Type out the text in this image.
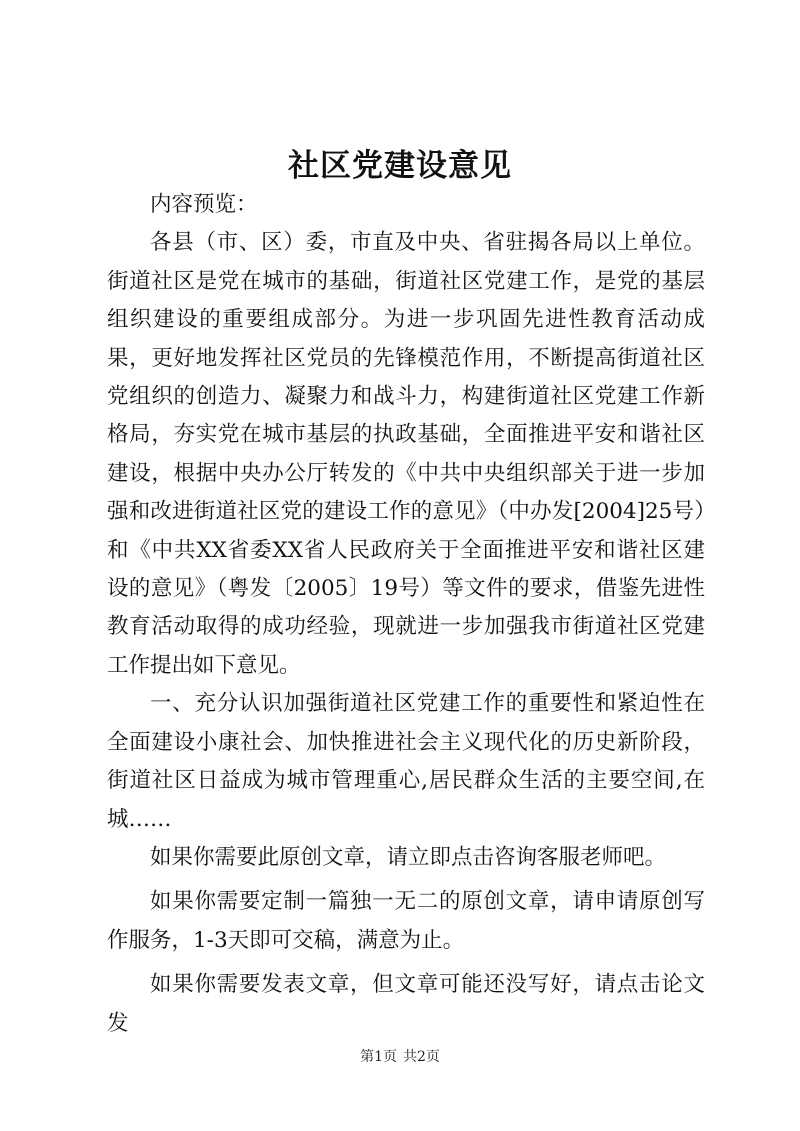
社区党建设意见

内容预览：

各县（市、区）委，市直及中央、省驻揭各局以上单位。街道社区是党在城市的基础，街道社区党建工作，是党的基层组织建设的重要组成部分。为进一步巩固先进性教育活动成果，更好地发挥社区党员的先锋模范作用，不断提高街道社区党组织的创造力、凝聚力和战斗力，构建街道社区党建工作新格局，夯实党在城市基层的执政基础，全面推进平安和谐社区建设，根据中央办公厅转发的《中共中央组织部关于进一步加强和改进街道社区党的建设工作的意见》（中办发[2004]25号）和《中共XX省委XX省人民政府关于全面推进平安和谐社区建设的意见》（粤发〔2005〕19号）等文件的要求，借鉴先进性教育活动取得的成功经验，现就进一步加强我市街道社区党建工作提出如下意见。

一、充分认识加强街道社区党建工作的重要性和紧迫性在全面建设小康社会、加快推进社会主义现代化的历史新阶段，街道社区日益成为城市管理重心,居民群众生活的主要空间,在城……

如果你需要此原创文章，请立即点击咨询客服老师吧。

如果你需要定制一篇独一无二的原创文章，请申请原创写作服务，1-3天即可交稿，满意为止。

如果你需要发表文章，但文章可能还没写好，请点击论文发

第1页 共2页
